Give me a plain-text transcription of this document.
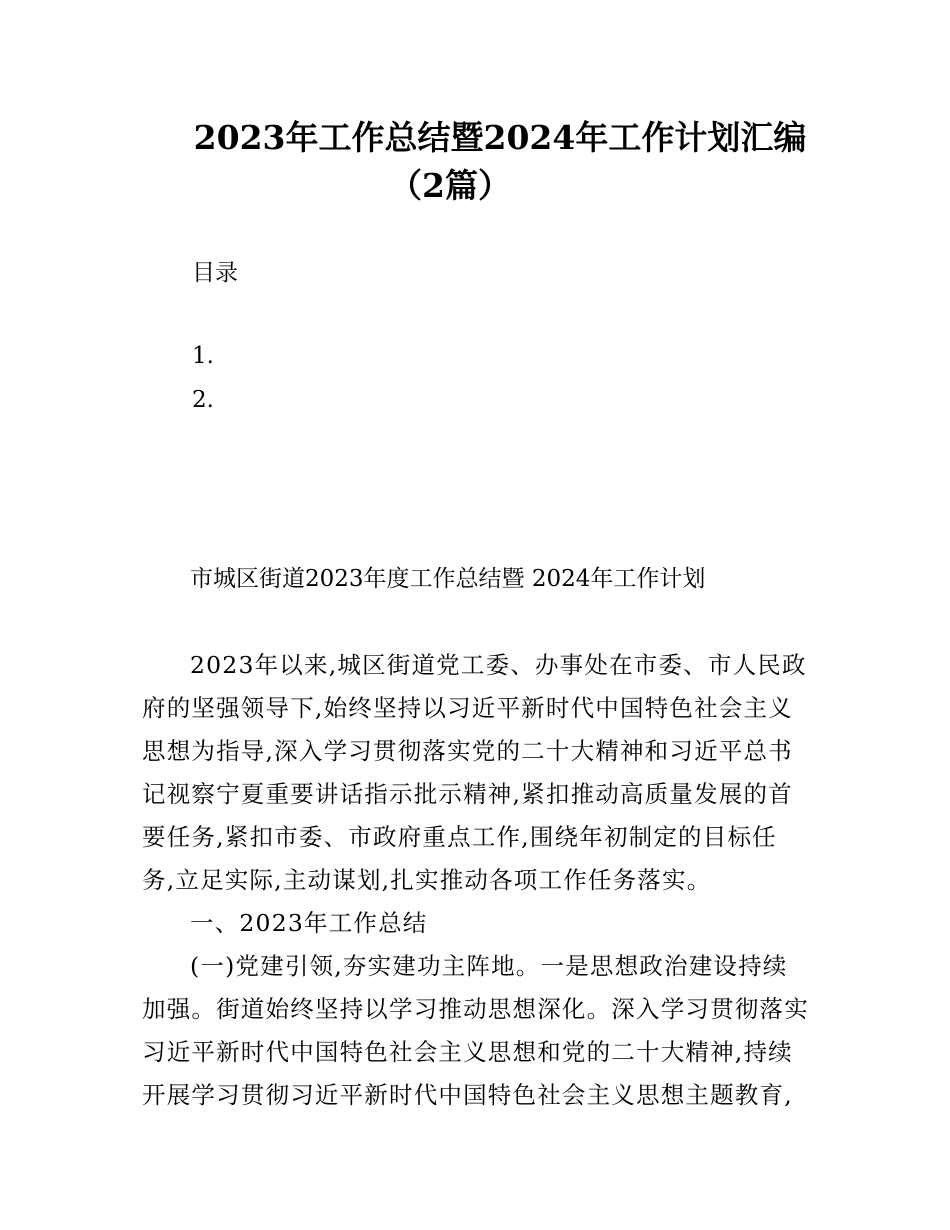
2023年工作总结暨2024年工作计划汇编
（2篇）
目录
1.
2.
市城区街道2023年度工作总结暨 2024年工作计划
2023年以来,城区街道党工委、办事处在市委、市人民政
府的坚强领导下,始终坚持以习近平新时代中国特色社会主义
思想为指导,深入学习贯彻落实党的二十大精神和习近平总书
记视察宁夏重要讲话指示批示精神,紧扣推动高质量发展的首
要任务,紧扣市委、市政府重点工作,围绕年初制定的目标任
务,立足实际,主动谋划,扎实推动各项工作任务落实。
一、2023年工作总结
(一)党建引领,夯实建功主阵地。一是思想政治建设持续
加强。街道始终坚持以学习推动思想深化。深入学习贯彻落实
习近平新时代中国特色社会主义思想和党的二十大精神,持续
开展学习贯彻习近平新时代中国特色社会主义思想主题教育,
